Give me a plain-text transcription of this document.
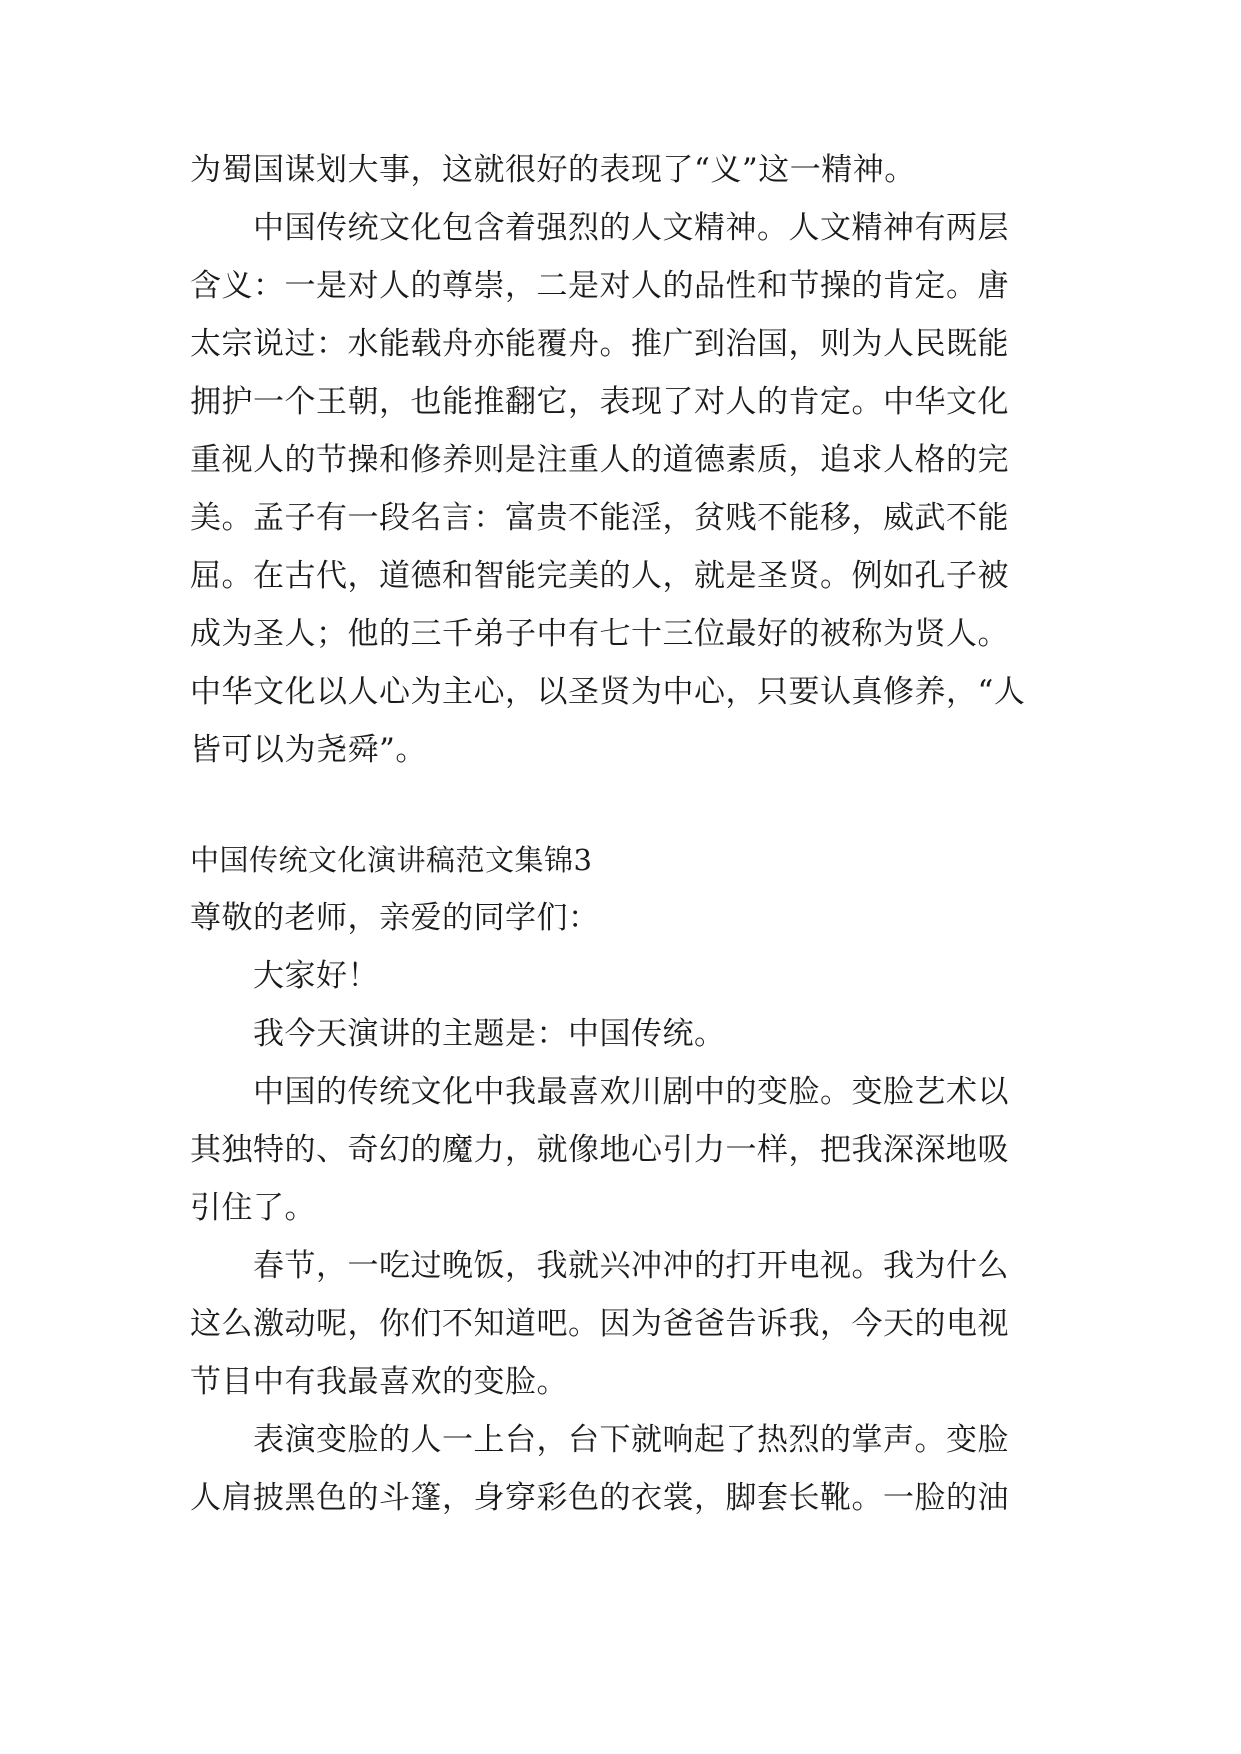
为蜀国谋划大事，这就很好的表现了“义”这一精神。
中国传统文化包含着强烈的人文精神。人文精神有两层
含义：一是对人的尊崇，二是对人的品性和节操的肯定。唐
太宗说过：水能载舟亦能覆舟。推广到治国，则为人民既能
拥护一个王朝，也能推翻它，表现了对人的肯定。中华文化
重视人的节操和修养则是注重人的道德素质，追求人格的完
美。孟子有一段名言：富贵不能淫，贫贱不能移，威武不能
屈。在古代，道德和智能完美的人，就是圣贤。例如孔子被
成为圣人；他的三千弟子中有七十三位最好的被称为贤人。
中华文化以人心为主心，以圣贤为中心，只要认真修养，“人
皆可以为尧舜”。
中国传统文化演讲稿范文集锦3
尊敬的老师，亲爱的同学们：
大家好！
我今天演讲的主题是：中国传统。
中国的传统文化中我最喜欢川剧中的变脸。变脸艺术以
其独特的、奇幻的魔力，就像地心引力一样，把我深深地吸
引住了。
春节，一吃过晚饭，我就兴冲冲的打开电视。我为什么
这么激动呢，你们不知道吧。因为爸爸告诉我，今天的电视
节目中有我最喜欢的变脸。
表演变脸的人一上台，台下就响起了热烈的掌声。变脸
人肩披黑色的斗篷，身穿彩色的衣裳，脚套长靴。一脸的油
